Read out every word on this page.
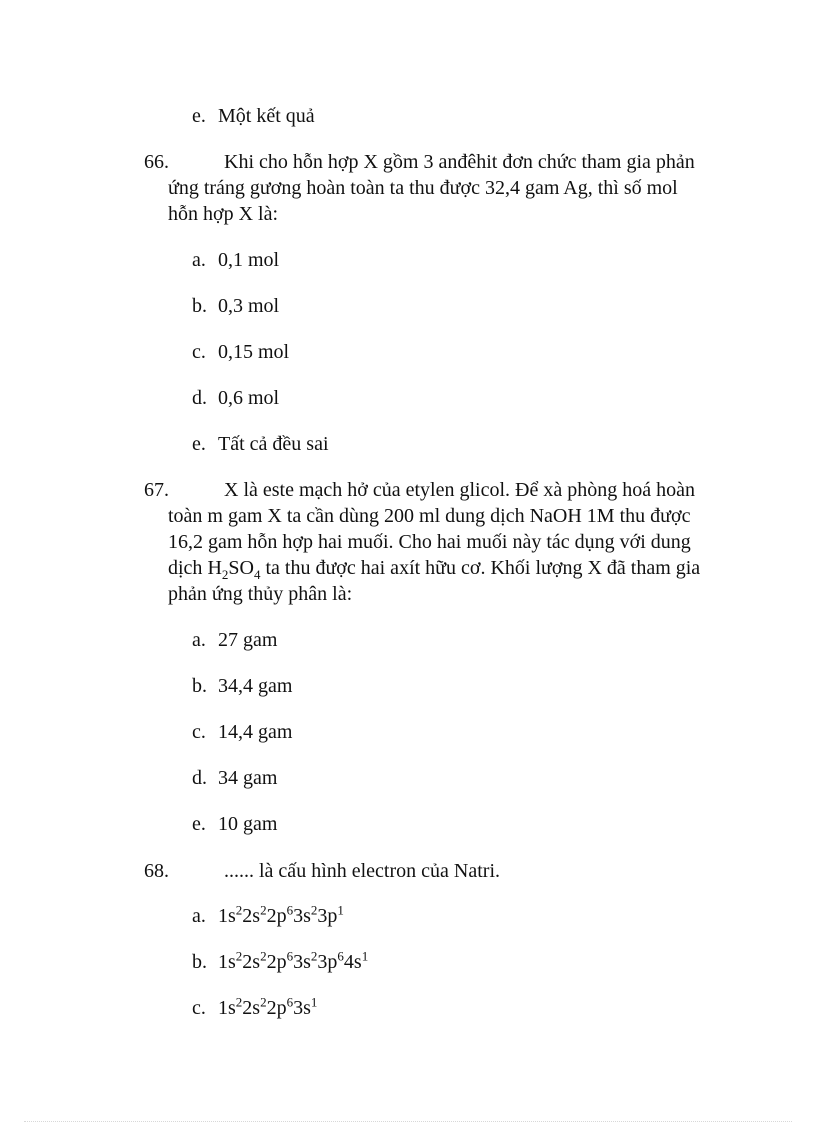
e. Một kết quả
66.	Khi cho hỗn hợp X gồm 3 anđêhit đơn chức tham gia phản ứng tráng gương hoàn toàn ta thu được 32,4 gam Ag, thì số mol hỗn hợp X là:
a. 0,1 mol
b. 0,3 mol
c. 0,15 mol
d. 0,6 mol
e. Tất cả đều sai
67.	X là este mạch hở của etylen glicol. Để xà phòng hoá hoàn toàn m gam X ta cần dùng 200 ml dung dịch NaOH 1M thu được 16,2 gam hỗn hợp hai muối. Cho hai muối này tác dụng với dung dịch $H_2SO_4$ ta thu được hai axít hữu cơ. Khối lượng X đã tham gia phản ứng thủy phân là:
a. 27 gam
b. 34,4 gam
c. 14,4 gam
d. 34 gam
e. 10 gam
68.	...... là cấu hình electron của Natri.
a. $1s^22s^22p^63s^23p^1$
b. $1s^22s^22p^63s^23p^64s^1$
c. $1s^22s^22p^63s^1$
